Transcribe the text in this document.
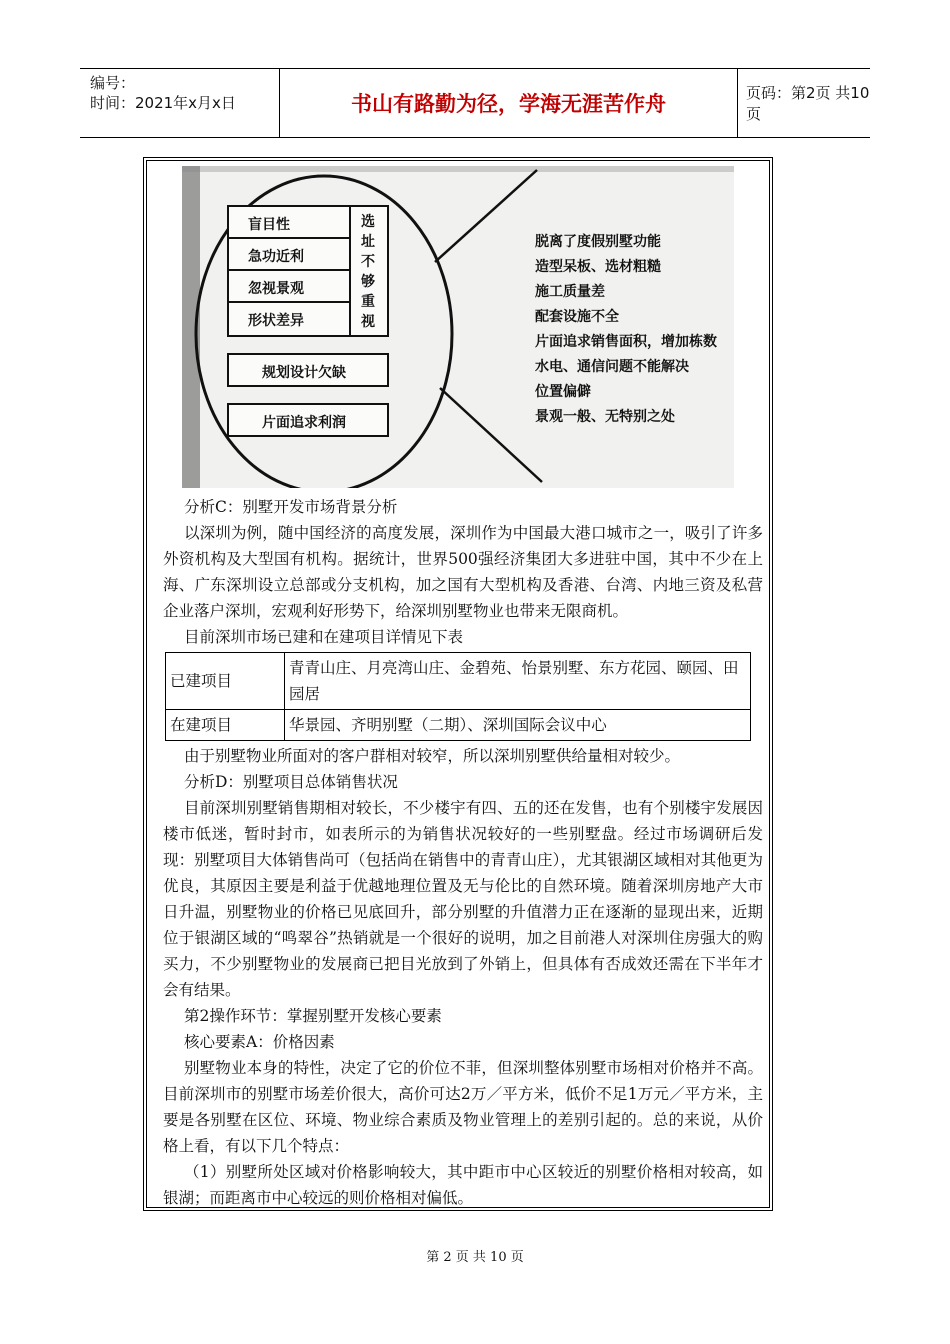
编号：
时间：2021年x月x日	书山有路勤为径，学海无涯苦作舟	页码：第2页 共10页
盲目性
急功近利
忽视景观
形状差异
选
址
不
够
重
视
规划设计欠缺
片面追求利润
脱离了度假别墅功能
造型呆板、选材粗糙
施工质量差
配套设施不全
片面追求销售面积，增加栋数
水电、通信问题不能解决
位置偏僻
景观一般、无特别之处

分析C：别墅开发市场背景分析

以深圳为例，随中国经济的高度发展，深圳作为中国最大港口城市之一，吸引了许多外资机构及大型国有机构。据统计，世界500强经济集团大多进驻中国，其中不少在上海、广东深圳设立总部或分支机构，加之国有大型机构及香港、台湾、内地三资及私营企业落户深圳，宏观利好形势下，给深圳别墅物业也带来无限商机。

目前深圳市场已建和在建项目详情见下表

已建项目	青青山庄、月亮湾山庄、金碧苑、怡景别墅、东方花园、颐园、田园居
在建项目	华景园、齐明别墅（二期）、深圳国际会议中心

由于别墅物业所面对的客户群相对较窄，所以深圳别墅供给量相对较少。

分析D：别墅项目总体销售状况

目前深圳别墅销售期相对较长，不少楼宇有四、五的还在发售，也有个别楼宇发展因楼市低迷，暂时封市，如表所示的为销售状况较好的一些别墅盘。经过市场调研后发现：别墅项目大体销售尚可（包括尚在销售中的青青山庄），尤其银湖区域相对其他更为优良，其原因主要是利益于优越地理位置及无与伦比的自然环境。随着深圳房地产大市日升温，别墅物业的价格已见底回升，部分别墅的升值潜力正在逐渐的显现出来，近期位于银湖区域的“鸣翠谷”热销就是一个很好的说明，加之目前港人对深圳住房强大的购买力，不少别墅物业的发展商已把目光放到了外销上，但具体有否成效还需在下半年才会有结果。

第2操作环节：掌握别墅开发核心要素

核心要素A：价格因素

别墅物业本身的特性，决定了它的价位不菲，但深圳整体别墅市场相对价格并不高。目前深圳市的别墅市场差价很大，高价可达2万／平方米，低价不足1万元／平方米，主要是各别墅在区位、环境、物业综合素质及物业管理上的差别引起的。总的来说，从价格上看，有以下几个特点：

（1）别墅所处区域对价格影响较大，其中距市中心区较近的别墅价格相对较高，如银湖；而距离市中心较远的则价格相对偏低。

第 2 页 共 10 页
